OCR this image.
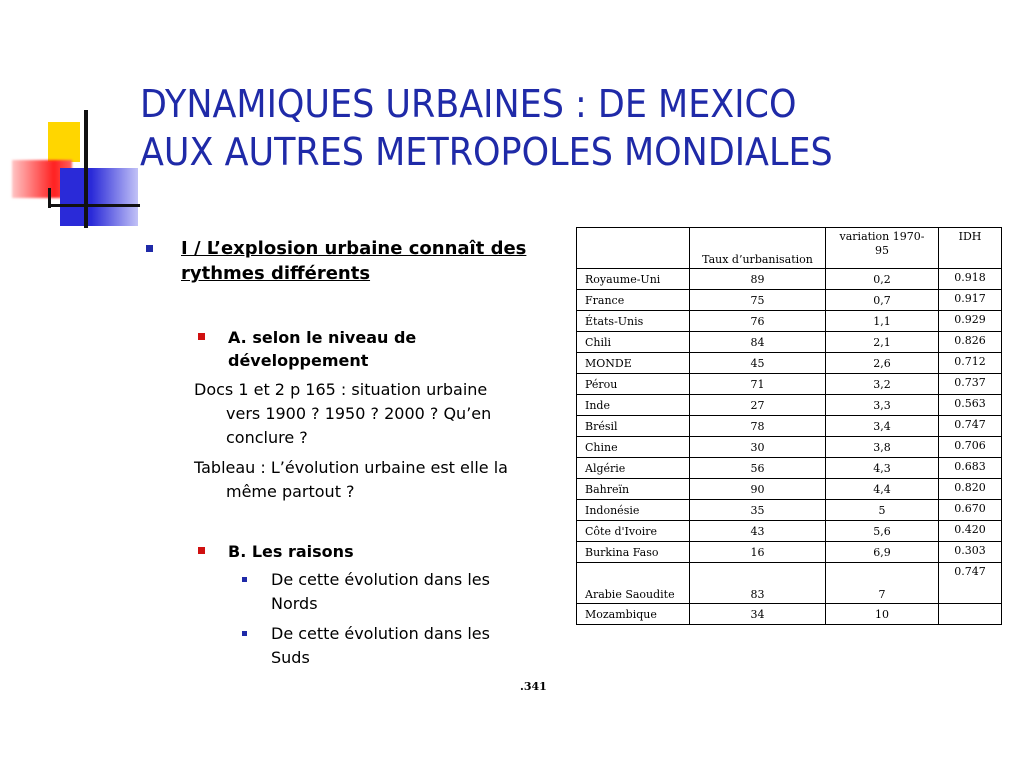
DYNAMIQUES URBAINES : DE MEXICO
AUX AUTRES METROPOLES MONDIALES
I / L’explosion urbaine connaît des rythmes différents
A. selon le niveau de développement
Docs 1 et 2 p 165 : situation urbaine
vers 1900 ? 1950 ? 2000 ? Qu’en conclure ?
Tableau : L’évolution urbaine est elle la
même partout ?
B. Les raisons
De cette évolution dans les Nords
De cette évolution dans les Suds
.341
	Taux d’urbanisation	variation 1970-95	IDH
Royaume-Uni	89	0,2	0.918
France	75	0,7	0.917
États-Unis	76	1,1	0.929
Chili	84	2,1	0.826
MONDE	45	2,6	0.712
Pérou	71	3,2	0.737
Inde	27	3,3	0.563
Brésil	78	3,4	0.747
Chine	30	3,8	0.706
Algérie	56	4,3	0.683
Bahreïn	90	4,4	0.820
Indonésie	35	5	0.670
Côte d'Ivoire	43	5,6	0.420
Burkina Faso	16	6,9	0.303
Arabie Saoudite	83	7	0.747
Mozambique	34	10	
